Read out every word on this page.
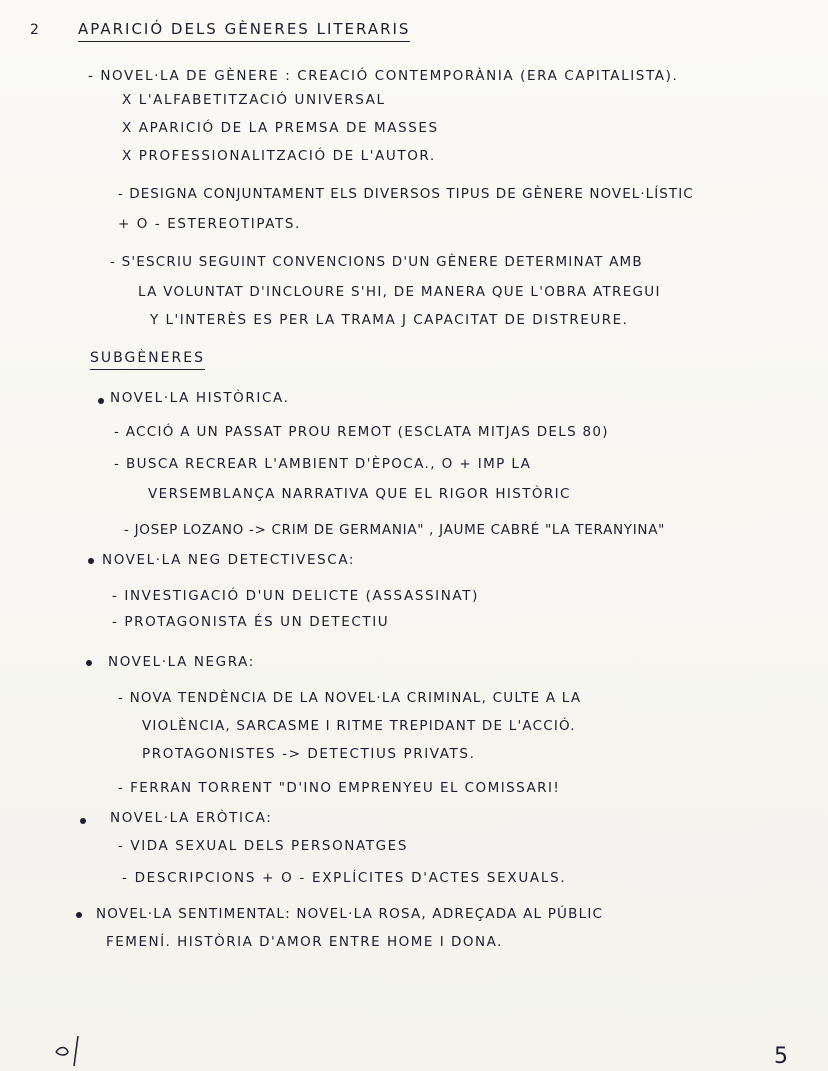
2	APARICIÓ DELS GÈNERES LITERARIS
- NOVEL·LA DE GÈNERE : CREACIÓ CONTEMPORÀNIA (ERA CAPITALISTA).
X L'ALFABETITZACIÓ UNIVERSAL
X APARICIÓ DE LA PREMSA DE MASSES
X PROFESSIONALITZACIÓ DE L'AUTOR.
- DESIGNA CONJUNTAMENT ELS DIVERSOS TIPUS DE GÈNERE NOVEL·LÍSTIC
+ O - ESTEREOTIPATS.
- S'ESCRIU SEGUINT CONVENCIONS D'UN GÈNERE DETERMINAT AMB
LA VOLUNTAT D'INCLOURE S'HI, DE MANERA QUE L'OBRA ATREGUI
Y L'INTERÈS ES PER LA TRAMA J CAPACITAT DE DISTREURE.
SUBGÈNERES
NOVEL·LA HISTÒRICA.
- ACCIÓ A UN PASSAT PROU REMOT (ESCLATA MITJAS DELS 80)
- BUSCA RECREAR L'AMBIENT D'ÈPOCA., O + IMP LA
VERSEMBLANÇA NARRATIVA QUE EL RIGOR HISTÒRIC
- JOSEP LOZANO -> CRIM DE GERMANIA" , JAUME CABRÉ "LA TERANYINA"
NOVEL·LA NEG DETECTIVESCA:
- INVESTIGACIÓ D'UN DELICTE (ASSASSINAT)
- PROTAGONISTA ÉS UN DETECTIU
NOVEL·LA NEGRA:
- NOVA TENDÈNCIA DE LA NOVEL·LA CRIMINAL, CULTE A LA
VIOLÈNCIA, SARCASME I RITME TREPIDANT DE L'ACCIÓ.
PROTAGONISTES -> DETECTIUS PRIVATS.
- FERRAN TORRENT "D'INO EMPRENYEU EL COMISSARI!
NOVEL·LA ERÒTICA:
- VIDA SEXUAL DELS PERSONATGES
- DESCRIPCIONS + O - EXPLÍCITES D'ACTES SEXUALS.
NOVEL·LA SENTIMENTAL: NOVEL·LA ROSA, ADREÇADA AL PÚBLIC
FEMENÍ. HISTÒRIA D'AMOR ENTRE HOME I DONA.
5
